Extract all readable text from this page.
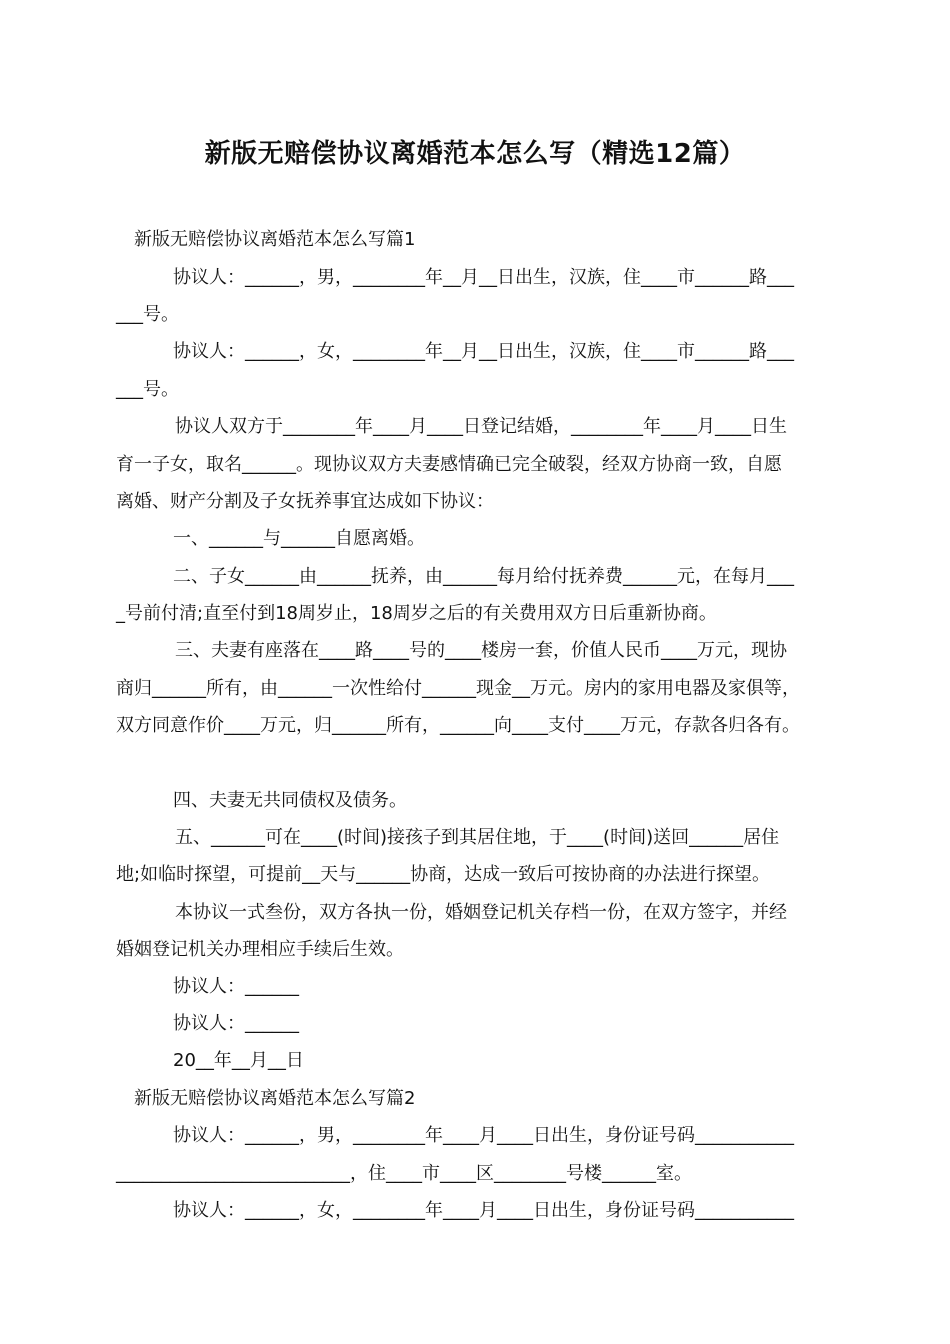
新版无赔偿协议离婚范本怎么写（精选12篇）
新版无赔偿协议离婚范本怎么写篇1
协议人：______，男，________年__月__日出生，汉族，住____市______路___
___号。
协议人：______，女，________年__月__日出生，汉族，住____市______路___
___号。
协议人双方于________年____月____日登记结婚，________年____月____日生
育一子女，取名______。现协议双方夫妻感情确已完全破裂，经双方协商一致，自愿
离婚、财产分割及子女抚养事宜达成如下协议：
一、______与______自愿离婚。
二、子女______由______抚养，由______每月给付抚养费______元，在每月___
_号前付清;直至付到18周岁止，18周岁之后的有关费用双方日后重新协商。
三、夫妻有座落在____路____号的____楼房一套，价值人民币____万元，现协
商归______所有，由______一次性给付______现金__万元。房内的家用电器及家俱等，
双方同意作价____万元，归______所有，______向____支付____万元，存款各归各有。
四、夫妻无共同债权及债务。
五、______可在____(时间)接孩子到其居住地，于____(时间)送回______居住
地;如临时探望，可提前__天与______协商，达成一致后可按协商的办法进行探望。
本协议一式叁份，双方各执一份，婚姻登记机关存档一份，在双方签字，并经
婚姻登记机关办理相应手续后生效。
协议人：______
协议人：______
20__年__月__日
新版无赔偿协议离婚范本怎么写篇2
协议人：______，男，________年____月____日出生，身份证号码___________
__________________________，住____市____区________号楼______室。
协议人：______，女，________年____月____日出生，身份证号码___________
